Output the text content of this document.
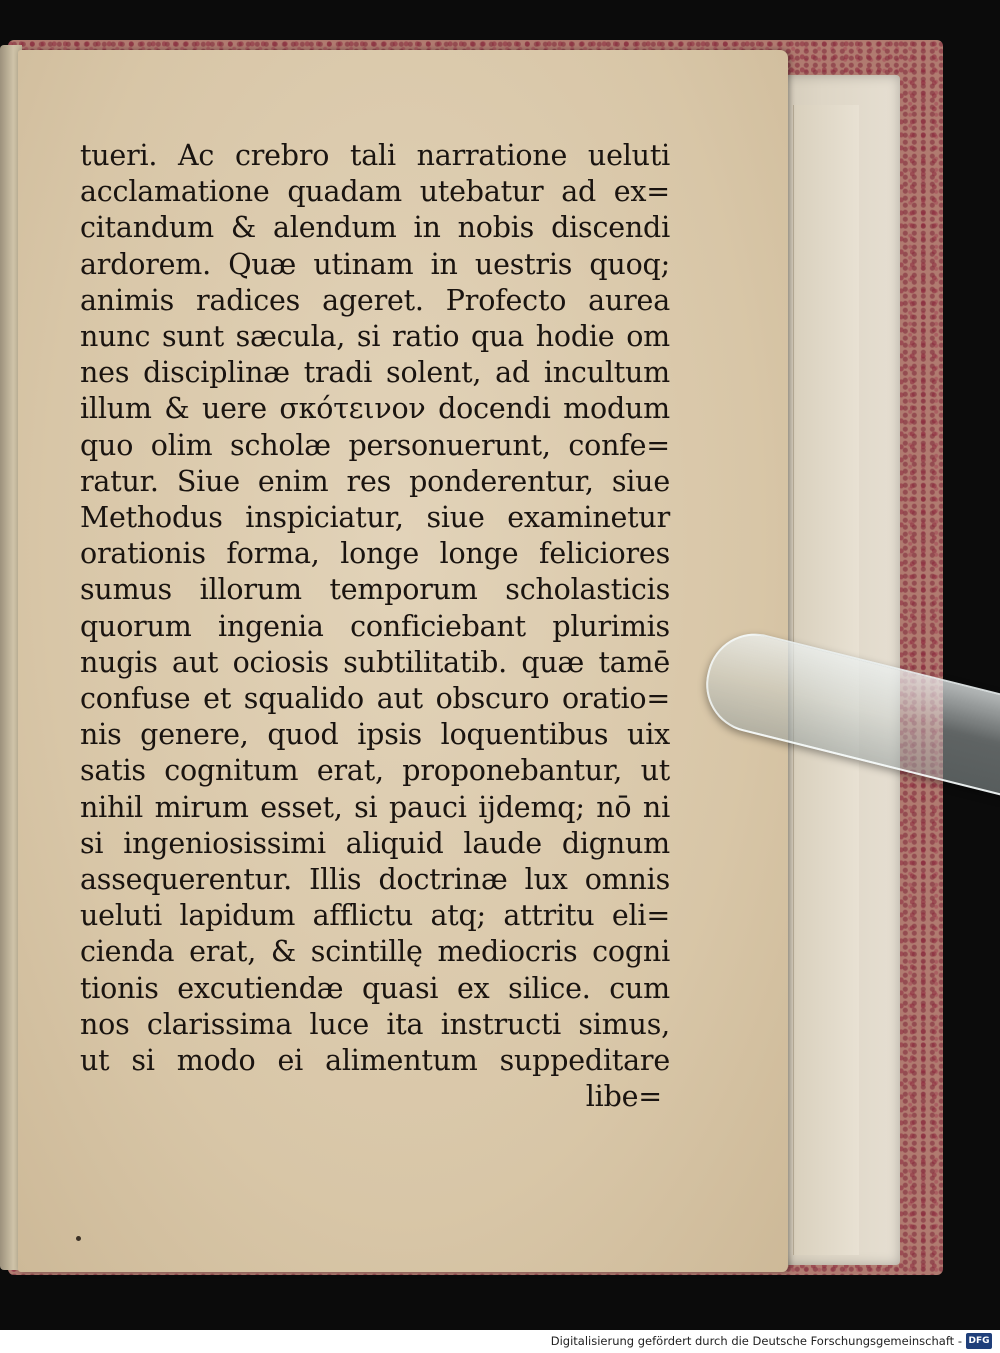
tueri. Ac crebro tali narratione ueluti
acclamatione quadam utebatur ad ex=
citandum & alendum in nobis discendi
ardorem. Quæ utinam in uestris quoq;
animis radices ageret. Profecto aurea
nunc sunt sæcula, si ratio qua hodie om
nes disciplinæ tradi solent, ad incultum
illum & uere σκότεινον docendi modum
quo olim scholæ personuerunt, confe=
ratur. Siue enim res ponderentur, siue
Methodus inspiciatur, siue examinetur
orationis forma, longe longe feliciores
sumus illorum temporum scholasticis
quorum ingenia conficiebant plurimis
nugis aut ociosis subtilitatib. quæ tamē
confuse et squalido aut obscuro oratio=
nis genere, quod ipsis loquentibus uix
satis cognitum erat, proponebantur, ut
nihil mirum esset, si pauci ijdemq; nō ni
si ingeniosissimi aliquid laude dignum
assequerentur. Illis doctrinæ lux omnis
ueluti lapidum afflictu atq; attritu eli=
cienda erat, & scintillę mediocris cogni
tionis excutiendæ quasi ex silice. cum
nos clarissima luce ita instructi simus,
ut si modo ei alimentum suppeditare
libe=
Digitalisierung gefördert durch die Deutsche Forschungsgemeinschaft - DFG
